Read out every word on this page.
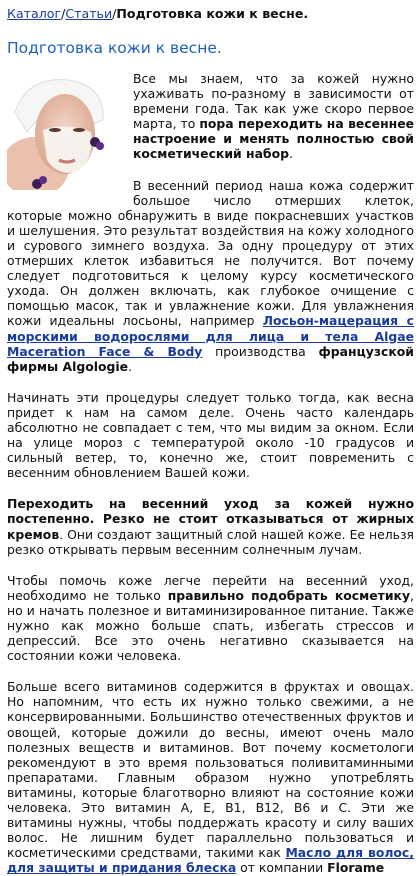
Каталог/Статьи/Подготовка кожи к весне.
Подготовка кожи к весне.

Все мы знаем, что за кожей нужно ухаживать по-разному в зависимости от времени года. Так как уже скоро первое марта, то пора переходить на весеннее настроение и менять полностью свой косметический набор.

В весенний период наша кожа содержит большое число отмерших клеток, которые можно обнаружить в виде покрасневших участков и шелушения. Это результат воздействия на кожу холодного и сурового зимнего воздуха. За одну процедуру от этих отмерших клеток избавиться не получится. Вот почему следует подготовиться к целому курсу косметического ухода. Он должен включать, как глубокое очищение с помощью масок, так и увлажнение кожи. Для увлажнения кожи идеальны лосьоны, например Лосьон-мацерация с морскими водорослями для лица и тела Algae Maceration Face & Body производства французской фирмы Algologie.

Начинать эти процедуры следует только тогда, как весна придет к нам на самом деле. Очень часто календарь абсолютно не совпадает с тем, что мы видим за окном. Если на улице мороз с температурой около -10 градусов и сильный ветер, то, конечно же, стоит повременить с весенним обновлением Вашей кожи.

Переходить на весенний уход за кожей нужно постепенно. Резко не стоит отказываться от жирных кремов. Они создают защитный слой нашей коже. Ее нельзя резко открывать первым весенним солнечным лучам.

Чтобы помочь коже легче перейти на весенний уход, необходимо не только правильно подобрать косметику, но и начать полезное и витаминизированное питание. Также нужно как можно больше спать, избегать стрессов и депрессий. Все это очень негативно сказывается на состоянии кожи человека.

Больше всего витаминов содержится в фруктах и овощах. Но напомним, что есть их нужно только свежими, а не консервированными. Большинство отечественных фруктов и овощей, которые дожили до весны, имеют очень мало полезных веществ и витаминов. Вот почему косметологи рекомендуют в это время пользоваться поливитаминными препаратами. Главным образом нужно употреблять витамины, которые благотворно влияют на состояние кожи человека. Это витамин А, Е, В1, В12, В6 и С. Эти же витамины нужны, чтобы поддержать красоту и силу ваших волос. Не лишним будет параллельно пользоваться и косметическими средствами, такими как Масло для волос, для защиты и придания блеска от компании Florame
